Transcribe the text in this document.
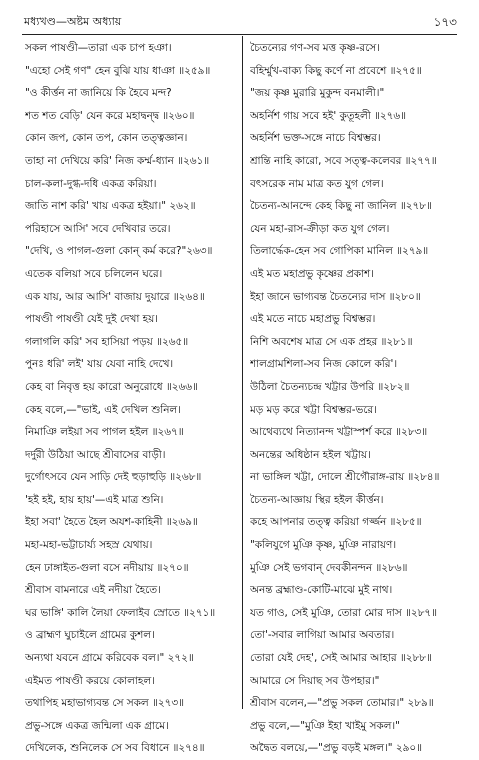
মধ্যখণ্ড—অষ্টম অধ্যায়	১৭৩
সকল পাষণ্ডী—তারা এক চাপ হঞা।
"এহো সেই গণ" হেন বুঝি যায় ধাঞা ॥২৫৯॥
"ও কীর্ত্তন না জানিয়ে কি হৈবে মন্দ?
শত শত বেড়ি' যেন করে মহাদ্বন্দ্ব ॥২৬০॥
কোন জপ, কোন তপ, কোন তত্ত্বজ্ঞান।
তাহা না দেখিয়ে করি' নিজ কর্ম্ম-ধ্যান ॥২৬১॥
চাল-কলা-দুগ্ধ-দধি একত্র করিয়া।
জাতি নাশ করি' খায় একত্র হইয়া।" ২৬২॥
পরিহাসে আসি' সবে দেখিবার তরে।
"দেখি, ও পাগল-গুলা কোন্ কর্ম করে?"২৬৩॥
এতেক বলিয়া সবে চলিলেন ঘরে।
এক যায়, আর আসি' বাজায় দুয়ারে ॥২৬৪॥
পাষণ্ডী পাষণ্ডী যেই দুই দেখা হয়।
গলাগলি করি' সব হাসিয়া পড়য় ॥২৬৫॥
পুনঃ ধরি' লই' যায় যেবা নাহি দেখে।
কেহ বা নিবৃত্ত হয় কারো অনুরোধে ॥২৬৬॥
কেহ বলে,—"ভাই, এই দেখিল শুনিল।
নিমাঞি লইয়া সব পাগল হইল ॥২৬৭॥
দর্দুরী উঠিয়া আছে শ্রীবাসের বাড়ী।
দুর্গোৎসবে যেন সাড়ি দেই হুড়াহুড়ি ॥২৬৮॥
'হই হই, হায় হায়'—এই মাত্র শুনি।
ইহা সবা' হৈতে হৈল অযশ-কাহিনী ॥২৬৯॥
মহা-মহা-ভট্টাচার্য্য সহস্র যেথায়।
হেন ঢাঙ্গাইত-গুলা বসে নদীয়ায় ॥২৭০॥
শ্রীবাস বামনারে এই নদীয়া হৈতে।
ঘর ভাঙ্গি' কালি লৈয়া ফেলাইব স্রোতে ॥২৭১॥
ও ব্রাহ্মণ ঘুচাইলে গ্রামের কুশল।
অন্যথা যবনে গ্রামে করিবেক বল।" ২৭২॥
এইমত পাষণ্ডী করয়ে কোলাহল।
তথাপিহ মহাভাগ্যবন্ত সে সকল ॥২৭৩॥
প্রভু-সঙ্গে একত্র জন্মিলা এক গ্রামে।
দেখিলেক, শুনিলেক সে সব বিধানে ॥২৭৪॥
চৈতন্যের গণ-সব মত্ত কৃষ্ণ-রসে।
বহির্ম্মুখ-বাক্য কিছু কর্ণে না প্রবেশে ॥২৭৫॥
"জয় কৃষ্ণ মুরারি মুকুন্দ বনমালী।"
অহর্নিশ গায় সবে হই' কুতূহলী ॥২৭৬॥
অহর্নিশ ভক্ত-সঙ্গে নাচে বিশ্বম্ভর।
শ্রান্তি নাহি কারো, সবে সত্ত্ব-কলেবর ॥২৭৭॥
বৎসরেক নাম মাত্র কত যুগ গেল।
চৈতন্য-আনন্দে কেহ কিছু না জানিল ॥২৭৮॥
যেন মহা-রাস-ক্রীড়া কত যুগ গেল।
তিলার্দ্ধেক-হেন সব গোপিকা মানিল ॥২৭৯॥
এই মত মহাপ্রভু কৃষ্ণের প্রকাশ।
ইহা জানে ভাগ্যবন্ত চৈতন্যের দাস ॥২৮০॥
এই মতে নাচে মহাপ্রভু বিশ্বম্ভর।
নিশি অবশেষ মাত্র সে এক প্রহর ॥২৮১॥
শালগ্রামশিলা-সব নিজ কোলে করি'।
উঠিলা চৈতন্যচন্দ্র খট্টার উপরি ॥২৮২॥
মড় মড় করে খট্টা বিশ্বম্ভর-ভরে।
আথেব্যথে নিত্যানন্দ খট্টাস্পর্শ করে ॥২৮৩॥
অনন্তের অধিষ্ঠান হইল খট্টায়।
না ভাঙ্গিল খট্টা, দোলে শ্রীগৌরাঙ্গ-রায় ॥২৮৪॥
চৈতন্য-আজ্ঞায় স্থির হইল কীর্ত্তন।
কহে আপনার তত্ত্ব করিয়া গর্জ্জন ॥২৮৫॥
"কলিযুগে মুঞি কৃষ্ণ, মুঞি নারায়ণ।
মুঞি সেই ভগবান্ দেবকীনন্দন ॥২৮৬॥
অনন্ত ব্রহ্মাণ্ড-কোটি-মাঝে মুই নাথ।
যত গাও, সেই মুঞি, তোরা মোর দাস ॥২৮৭॥
তো'-সবার লাগিয়া আমার অবতার।
তোরা যেই দেহ', সেই আমার আহার ॥২৮৮॥
আমারে সে দিয়াছ সব উপহার।"
শ্রীবাস বলেন,—"প্রভু সকল তোমার।" ২৮৯॥
প্রভু বলে,—"মুঞি ইহা খাইমু সকল।"
অদ্বৈত বলয়ে,—"প্রভু বড়ই মঙ্গল।" ২৯০॥
